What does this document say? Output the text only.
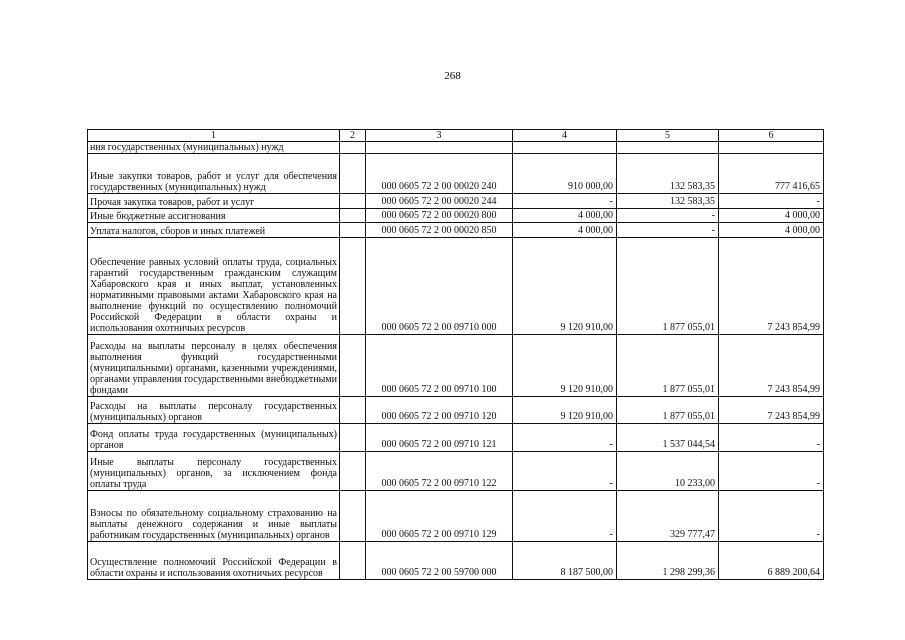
268
1	2	3	4	5	6
ния государственных (муниципальных) нужд					
Иные закупки товаров, работ и услуг для обеспечения государственных (муниципальных) нужд		000 0605 72 2 00 00020 240	910 000,00	132 583,35	777 416,65
Прочая закупка товаров, работ и услуг		000 0605 72 2 00 00020 244	-	132 583,35	-
Иные бюджетные ассигнования		000 0605 72 2 00 00020 800	4 000,00	-	4 000,00
Уплата налогов, сборов и иных платежей		000 0605 72 2 00 00020 850	4 000,00	-	4 000,00
Обеспечение равных условий оплаты труда, социальных гарантий государственным гражданским служащим Хабаровского края и иных выплат, установленных нормативными правовыми актами Хабаровского края на выполнение функций по осуществлению полномочий Российской Федерации в области охраны и использования охотничьих ресурсов		000 0605 72 2 00 09710 000	9 120 910,00	1 877 055,01	7 243 854,99
Расходы на выплаты персоналу в целях обеспечения выполнения функций государственными (муниципальными) органами, казенными учреждениями, органами управления государственными внебюджетными фондами		000 0605 72 2 00 09710 100	9 120 910,00	1 877 055,01	7 243 854,99
Расходы на выплаты персоналу государственных (муниципальных) органов		000 0605 72 2 00 09710 120	9 120 910,00	1 877 055,01	7 243 854,99
Фонд оплаты труда государственных (муниципальных) органов		000 0605 72 2 00 09710 121	-	1 537 044,54	-
Иные выплаты персоналу государственных (муниципальных) органов, за исключением фонда оплаты труда		000 0605 72 2 00 09710 122	-	10 233,00	-
Взносы по обязательному социальному страхованию на выплаты денежного содержания и иные выплаты работникам государственных (муниципальных) органов		000 0605 72 2 00 09710 129	-	329 777,47	-
Осуществление полномочий Российской Федерации в области охраны и использования охотничьих ресурсов		000 0605 72 2 00 59700 000	8 187 500,00	1 298 299,36	6 889 200,64
